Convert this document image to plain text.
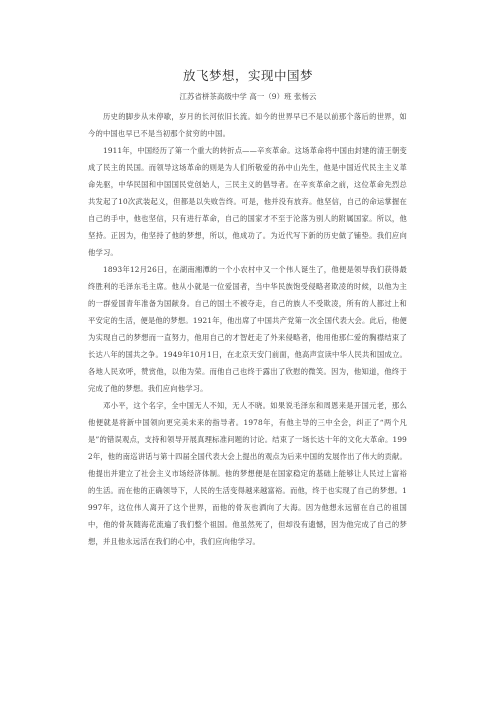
放飞梦想，实现中国梦
江苏省栟茶高级中学 高一（9）班 张杨云

历史的脚步从未停歇，岁月的长河依旧长流。如今的世界早已不是以前那个落后的世界，如今的中国也早已不是当初那个贫穷的中国。

1911年，中国经历了第一个重大的转折点——辛亥革命。这场革命将中国由封建的清王朝变成了民主的民国。而领导这场革命的则是为人们所敬爱的孙中山先生，他是中国近代民主主义革命先驱，中华民国和中国国民党创始人，三民主义的倡导者。在辛亥革命之前，这位革命先烈总共发起了10次武装起义，但都是以失败告终。可是，他并没有放弃。他坚信，自己的命运掌握在自己的手中，他也坚信，只有进行革命，自己的国家才不至于沦落为别人的附属国家。所以，他坚持。正因为，他坚持了他的梦想，所以，他成功了。为近代写下新的历史做了铺垫。我们应向他学习。

1893年12月26日，在湖南湘潭的一个小农村中又一个伟人诞生了，他便是领导我们获得最终胜利的毛泽东毛主席。他从小就是一位爱国者，当中华民族饱受侵略者欺凌的时候，以他为主的一群爱国青年准备为国献身。自己的国土不被夺走，自己的族人不受欺凌，所有的人都过上和平安定的生活，便是他的梦想。1921年，他出席了中国共产党第一次全国代表大会。此后，他便为实现自己的梦想而一直努力，他用自己的才智赶走了外来侵略者，他用他那仁爱的胸襟结束了长达八年的国共之争。1949年10月1日，在北京天安门前面，他高声宣读中华人民共和国成立。各地人民欢呼，赞赏他，以他为荣。而他自己也终于露出了欣慰的微笑。因为，他知道，他终于完成了他的梦想。我们应向他学习。

邓小平，这个名字，全中国无人不知，无人不晓。如果说毛泽东和周恩来是开国元老，那么他便就是将新中国领向更完美未来的指导者。1978年，有他主导的三中全会，纠正了“两个凡是”的错误观点，支持和领导开展真理标准问题的讨论。结束了一场长达十年的文化大革命。1992年，他的南巡讲话与第十四届全国代表大会上提出的观点为后来中国的发展作出了伟大的贡献。他提出并建立了社会主义市场经济体制。他的梦想便是在国家稳定的基础上能够让人民过上富裕的生活。而在他的正确领导下，人民的生活变得越来越富裕。而他，终于也实现了自己的梦想。1997年，这位伟人离开了这个世界，而他的骨灰也洒向了大海。因为他想永远留在自己的祖国中，他的骨灰随海花流遍了我们整个祖国。他虽然死了，但却没有遗憾，因为他完成了自己的梦想，并且他永远活在我们的心中，我们应向他学习。
